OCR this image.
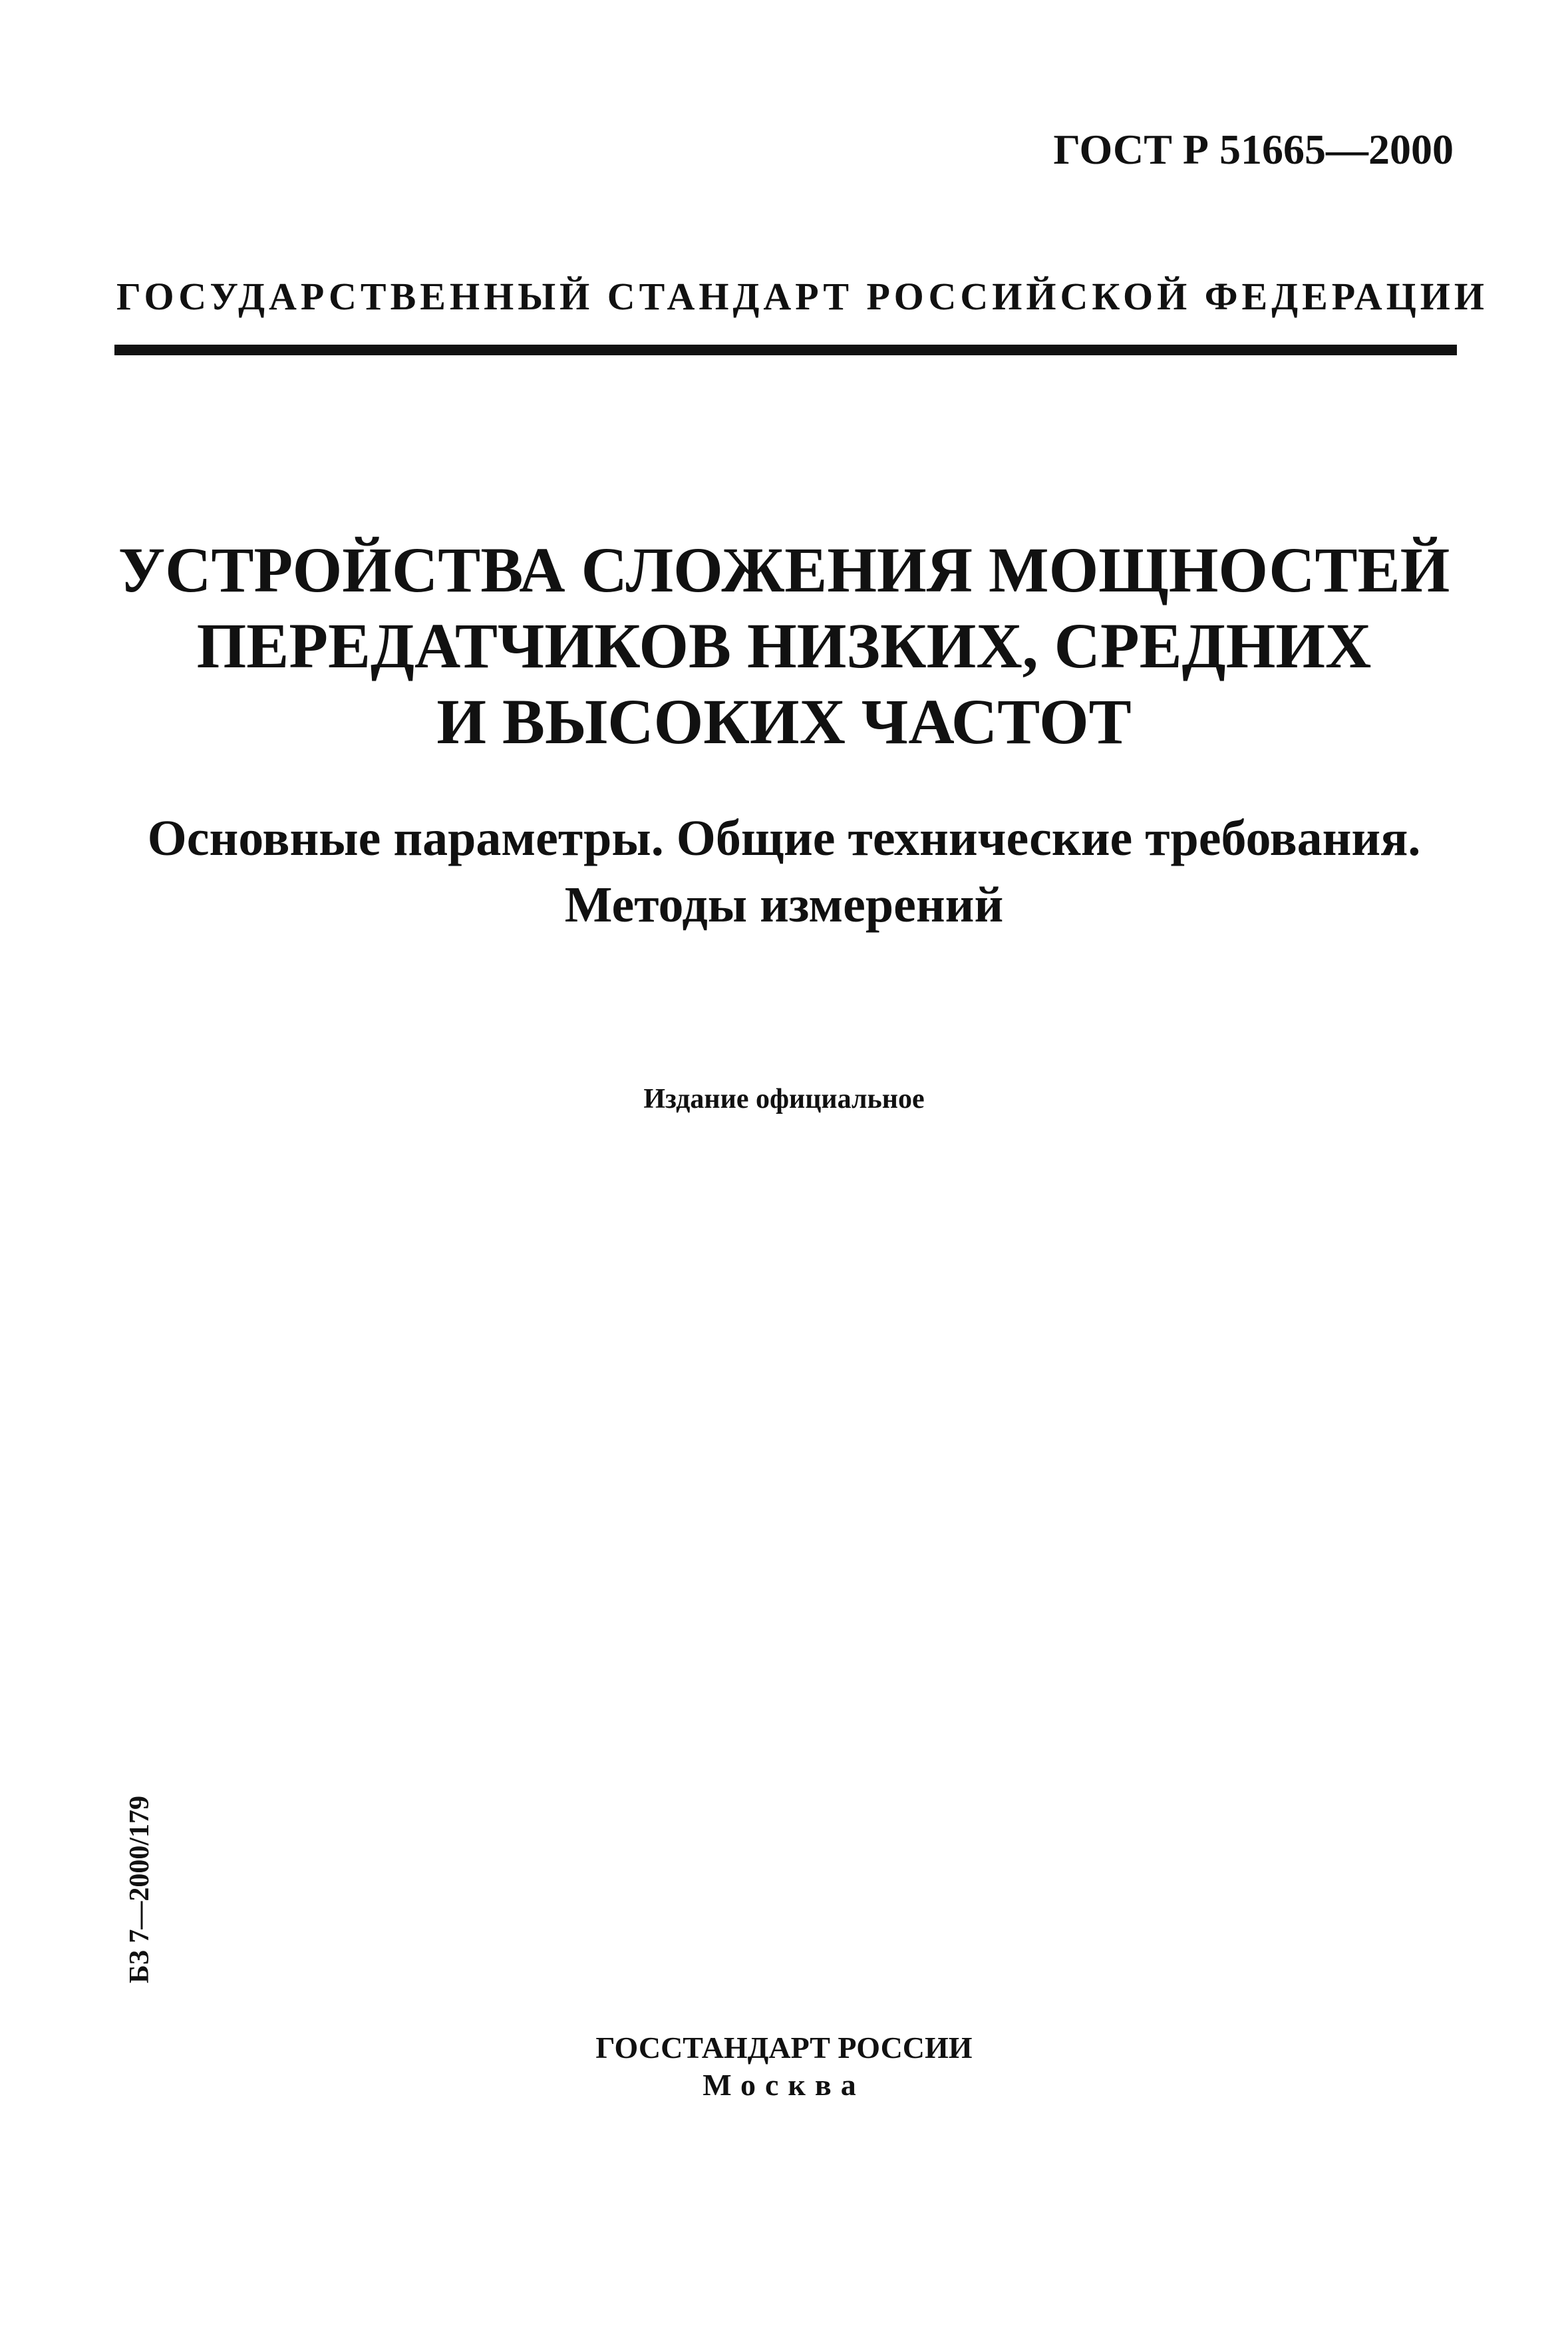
ГОСТ Р 51665—2000
ГОСУДАРСТВЕННЫЙ СТАНДАРТ РОССИЙСКОЙ ФЕДЕРАЦИИ
УСТРОЙСТВА СЛОЖЕНИЯ МОЩНОСТЕЙ
ПЕРЕДАТЧИКОВ НИЗКИХ, СРЕДНИХ
И ВЫСОКИХ ЧАСТОТ
Основные параметры. Общие технические требования.
Методы измерений
Издание официальное
БЗ 7—2000/179
ГОССТАНДАРТ РОССИИ
Москва
